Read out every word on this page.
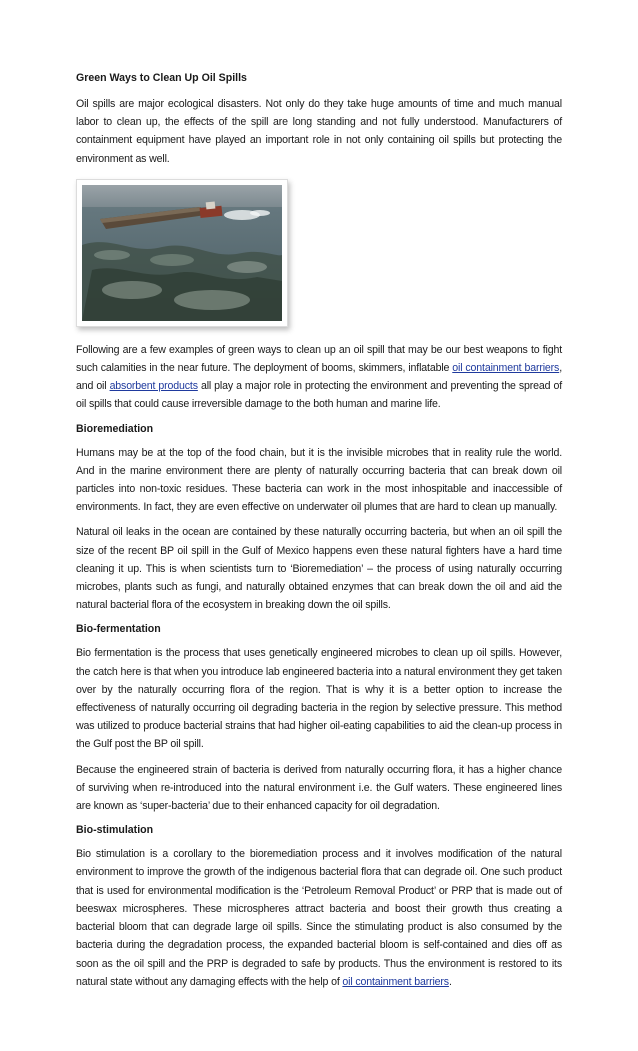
Green Ways to Clean Up Oil Spills

Oil spills are major ecological disasters. Not only do they take huge amounts of time and much manual labor to clean up, the effects of the spill are long standing and not fully understood. Manufacturers of containment equipment have played an important role in not only containing oil spills but protecting the environment as well.

Following are a few examples of green ways to clean up an oil spill that may be our best weapons to fight such calamities in the near future. The deployment of booms, skimmers, inflatable oil containment barriers, and oil absorbent products all play a major role in protecting the environment and preventing the spread of oil spills that could cause irreversible damage to the both human and marine life.

Bioremediation

Humans may be at the top of the food chain, but it is the invisible microbes that in reality rule the world. And in the marine environment there are plenty of naturally occurring bacteria that can break down oil particles into non-toxic residues. These bacteria can work in the most inhospitable and inaccessible of environments. In fact, they are even effective on underwater oil plumes that are hard to clean up manually.

Natural oil leaks in the ocean are contained by these naturally occurring bacteria, but when an oil spill the size of the recent BP oil spill in the Gulf of Mexico happens even these natural fighters have a hard time cleaning it up. This is when scientists turn to ‘Bioremediation’ – the process of using naturally occurring microbes, plants such as fungi, and naturally obtained enzymes that can break down the oil and aid the natural bacterial flora of the ecosystem in breaking down the oil spills.

Bio-fermentation

Bio fermentation is the process that uses genetically engineered microbes to clean up oil spills. However, the catch here is that when you introduce lab engineered bacteria into a natural environment they get taken over by the naturally occurring flora of the region. That is why it is a better option to increase the effectiveness of naturally occurring oil degrading bacteria in the region by selective pressure. This method was utilized to produce bacterial strains that had higher oil-eating capabilities to aid the clean-up process in the Gulf post the BP oil spill.

Because the engineered strain of bacteria is derived from naturally occurring flora, it has a higher chance of surviving when re-introduced into the natural environment i.e. the Gulf waters. These engineered lines are known as ‘super-bacteria’ due to their enhanced capacity for oil degradation.

Bio-stimulation

Bio stimulation is a corollary to the bioremediation process and it involves modification of the natural environment to improve the growth of the indigenous bacterial flora that can degrade oil. One such product that is used for environmental modification is the ‘Petroleum Removal Product’ or PRP that is made out of beeswax microspheres. These microspheres attract bacteria and boost their growth thus creating a bacterial bloom that can degrade large oil spills. Since the stimulating product is also consumed by the bacteria during the degradation process, the expanded bacterial bloom is self-contained and dies off as soon as the oil spill and the PRP is degraded to safe by products. Thus the environment is restored to its natural state without any damaging effects with the help of oil containment barriers.
